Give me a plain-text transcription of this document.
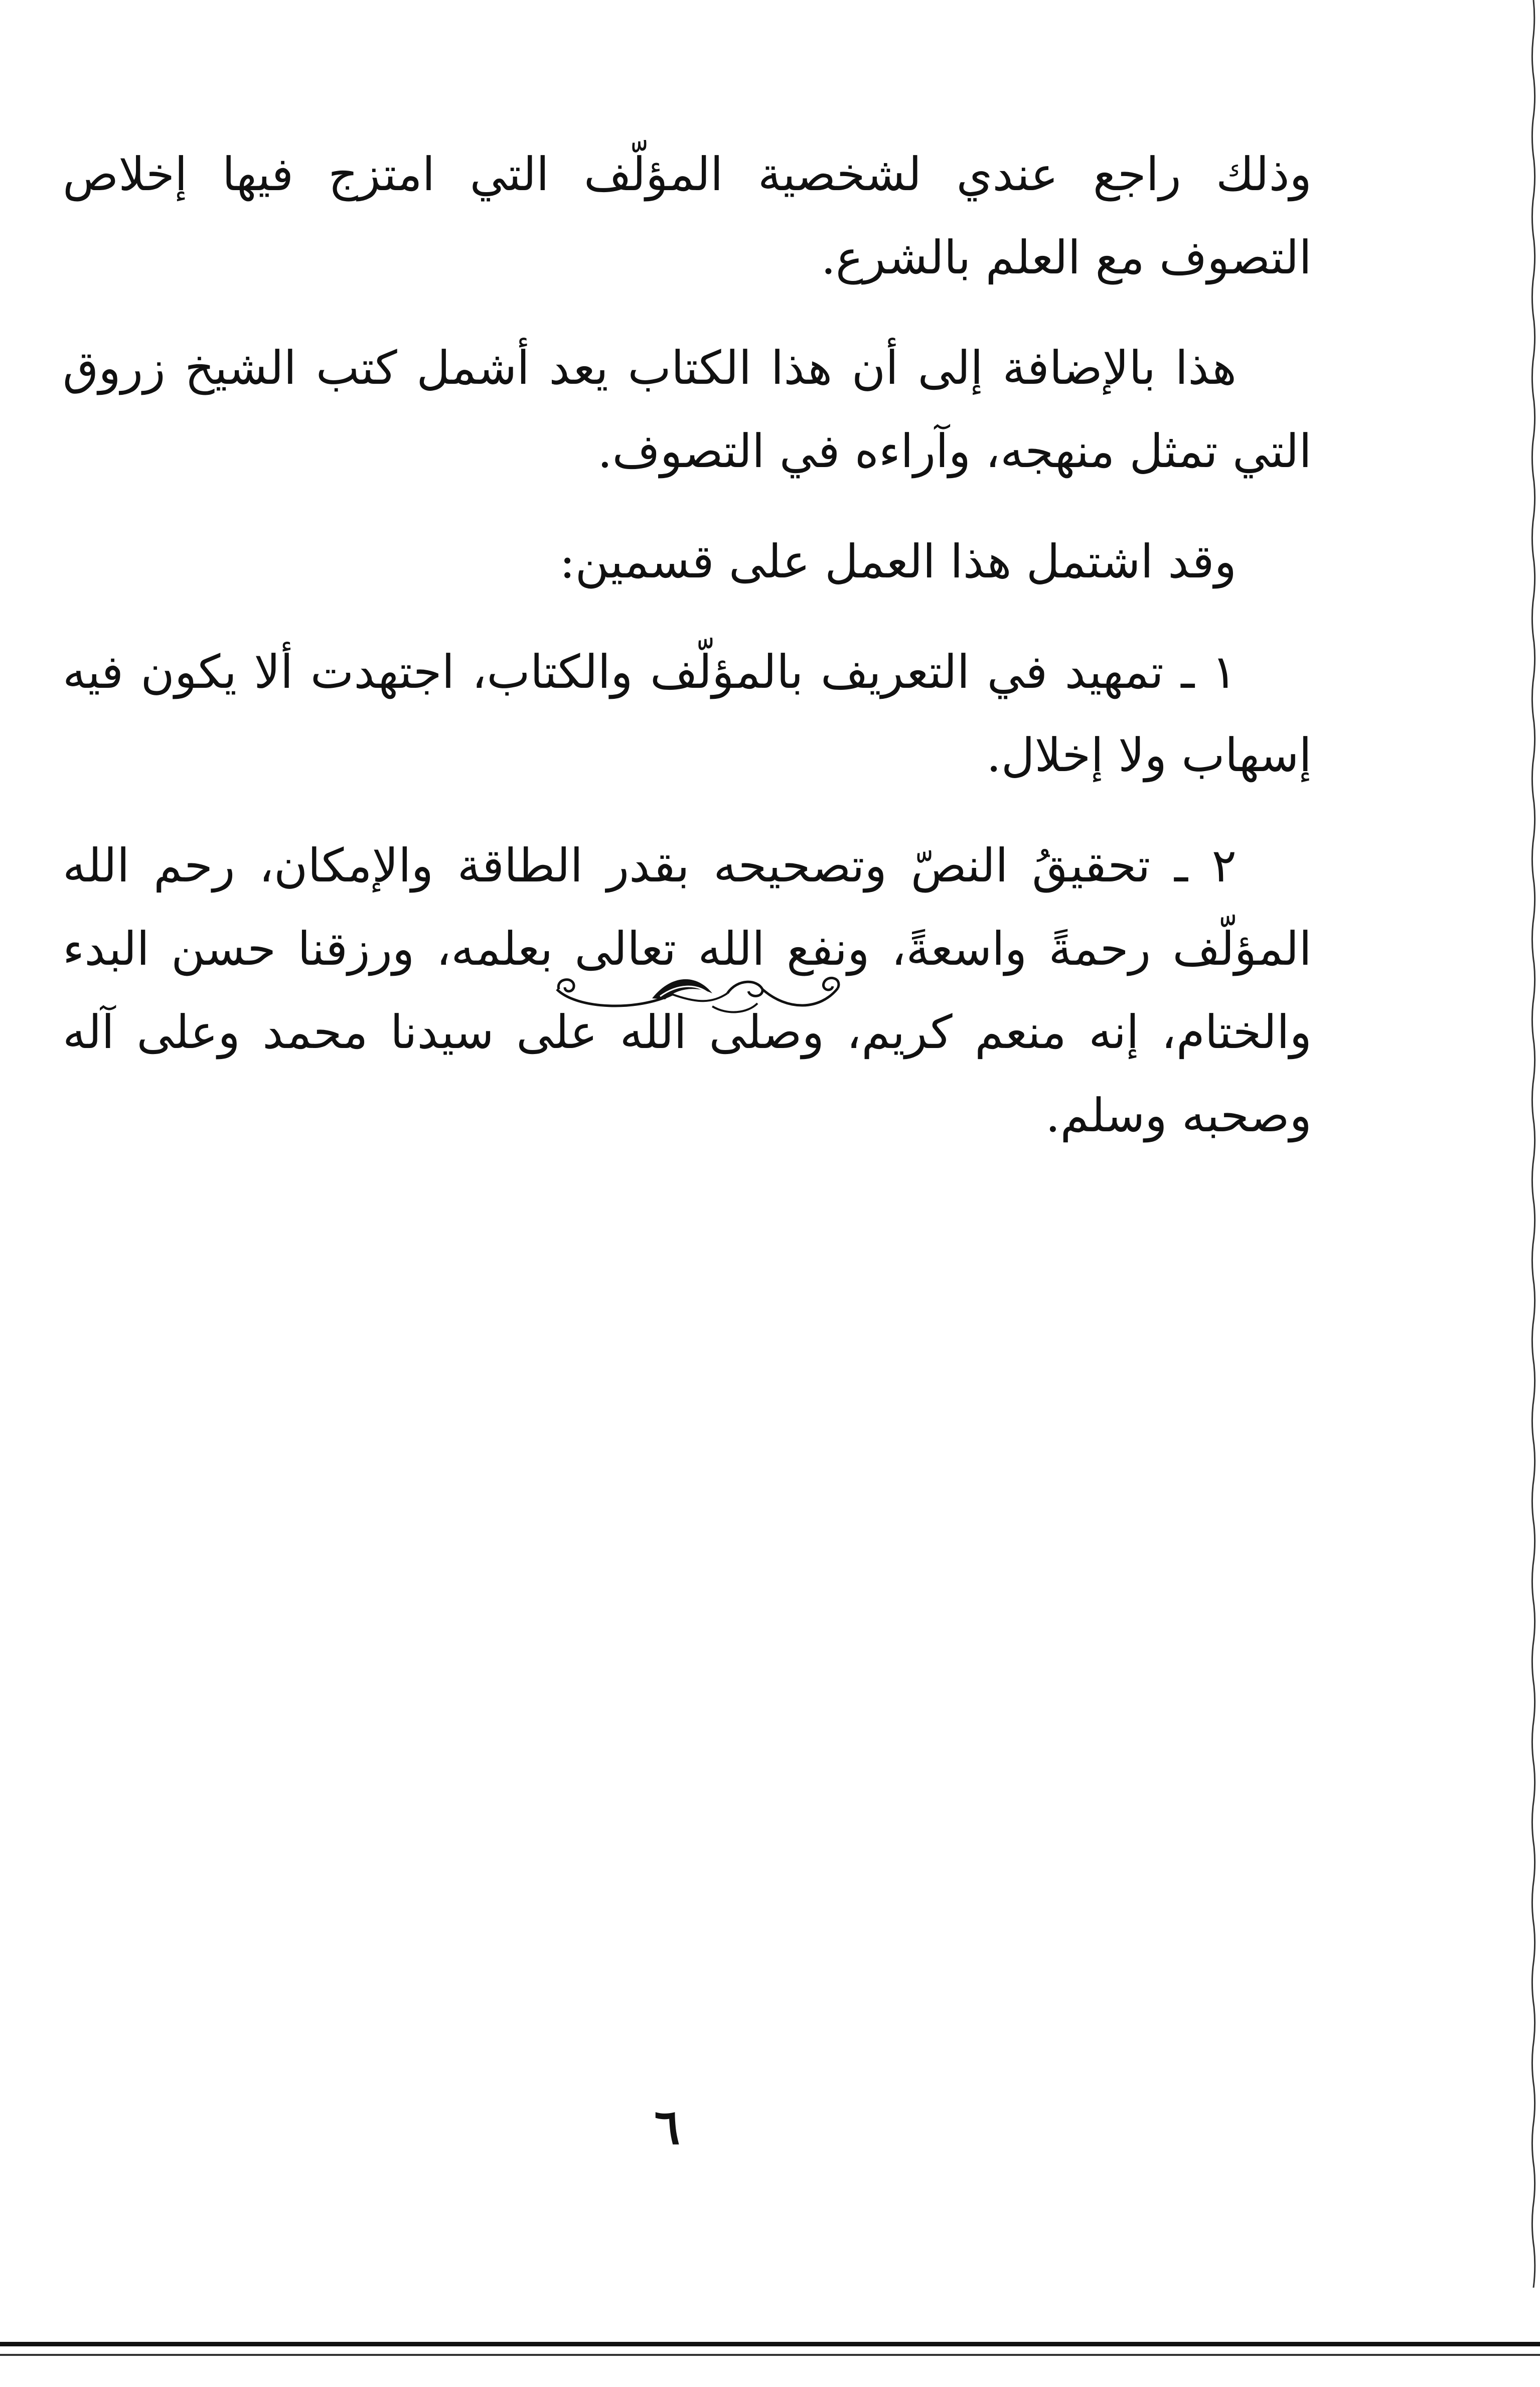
وذلك راجع عندي لشخصية المؤلّف التي امتزج فيها إخلاص التصوف مع العلم بالشرع.

هذا بالإضافة إلى أن هذا الكتاب يعد أشمل كتب الشيخ زروق التي تمثل منهجه، وآراءه في التصوف.

وقد اشتمل هذا العمل على قسمين:

١ ـ تمهيد في التعريف بالمؤلّف والكتاب، اجتهدت ألا يكون فيه إسهاب ولا إخلال.

٢ ـ تحقيقُ النصّ وتصحيحه بقدر الطاقة والإمكان، رحم الله المؤلّف رحمةً واسعةً، ونفع الله تعالى بعلمه، ورزقنا حسن البدء والختام، إنه منعم كريم، وصلى الله على سيدنا محمد وعلى آله وصحبه وسلم.

٦
